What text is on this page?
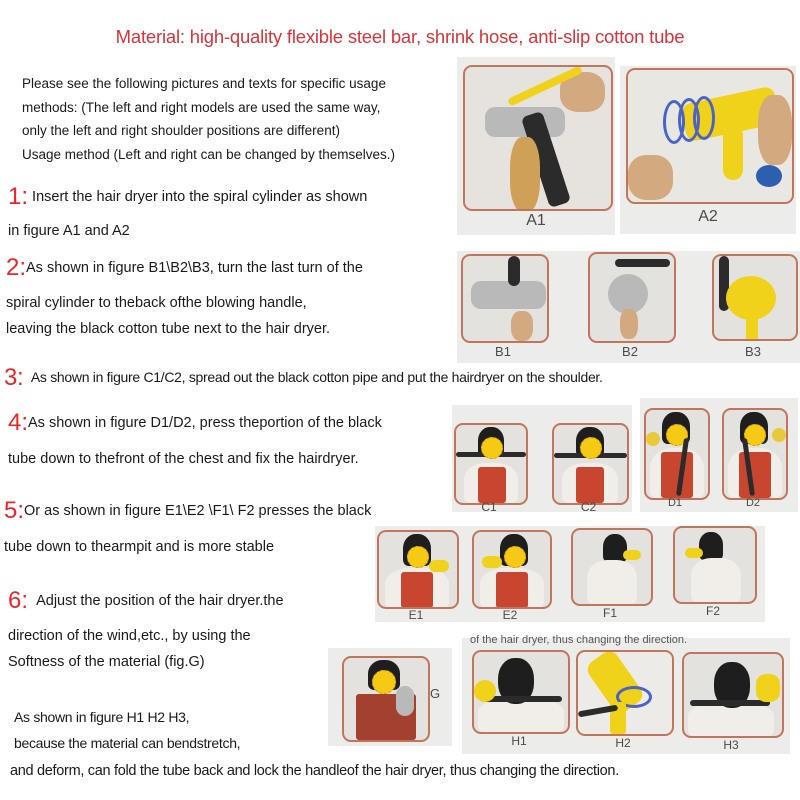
Material: high-quality flexible steel bar, shrink hose, anti-slip cotton tube
Please see the following pictures and texts for specific usage
methods: (The left and right models are used the same way,
only the left and right shoulder positions are different)
Usage method (Left and right can be changed by themselves.)
1: Insert the hair dryer into the spiral cylinder as shown
in figure A1 and A2
2:As shown in figure B1\B2\B3, turn the last turn of the
spiral cylinder to theback ofthe blowing handle,
leaving the black cotton tube next to the hair dryer.
3: As shown in figure C1/C2, spread out the black cotton pipe and put the hairdryer on the shoulder.
4:As shown in figure D1/D2, press theportion of the black
tube down to thefront of the chest and fix the hairdryer.
5:Or as shown in figure E1\E2 \F1\ F2 presses the black
tube down to thearmpit and is more stable
6: Adjust the position of the hair dryer.the
direction of the wind,etc., by using the
Softness of the material (fig.G)
As shown in figure H1 H2 H3,
because the material can bendstretch,
and deform, can fold the tube back and lock the handleof the hair dryer, thus changing the direction.
A1	A2
B1	B2	B3
C1	C2	D1	D2
E1	E2	F1	F2
G
of the hair dryer, thus changing the direction.
H1	H2	H3
